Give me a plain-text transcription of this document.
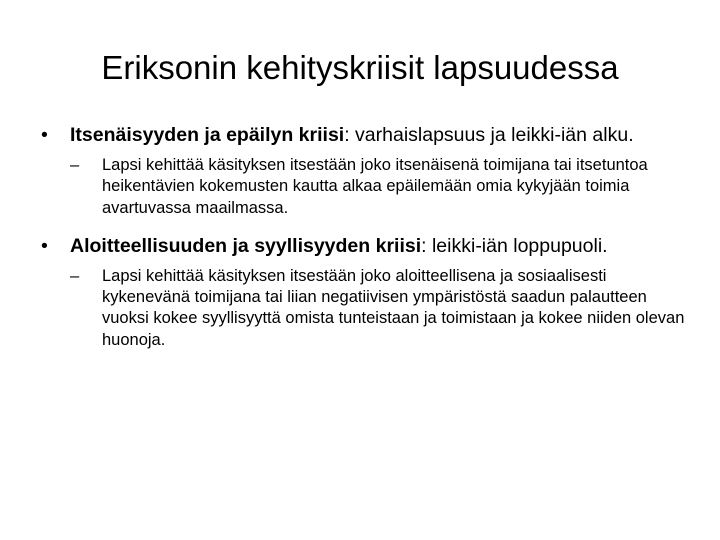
Eriksonin kehityskriisit lapsuudessa
• Itsenäisyyden ja epäilyn kriisi: varhaislapsuus ja leikki-iän alku.
– Lapsi kehittää käsityksen itsestään joko itsenäisenä toimijana tai itsetuntoa heikentävien kokemusten kautta alkaa epäilemään omia kykyjään toimia avartuvassa maailmassa.
• Aloitteellisuuden ja syyllisyyden kriisi: leikki-iän loppupuoli.
– Lapsi kehittää käsityksen itsestään joko aloitteellisena ja sosiaalisesti kykenevänä toimijana tai liian negatiivisen ympäristöstä saadun palautteen vuoksi kokee syyllisyyttä omista tunteistaan ja toimistaan ja kokee niiden olevan huonoja.
